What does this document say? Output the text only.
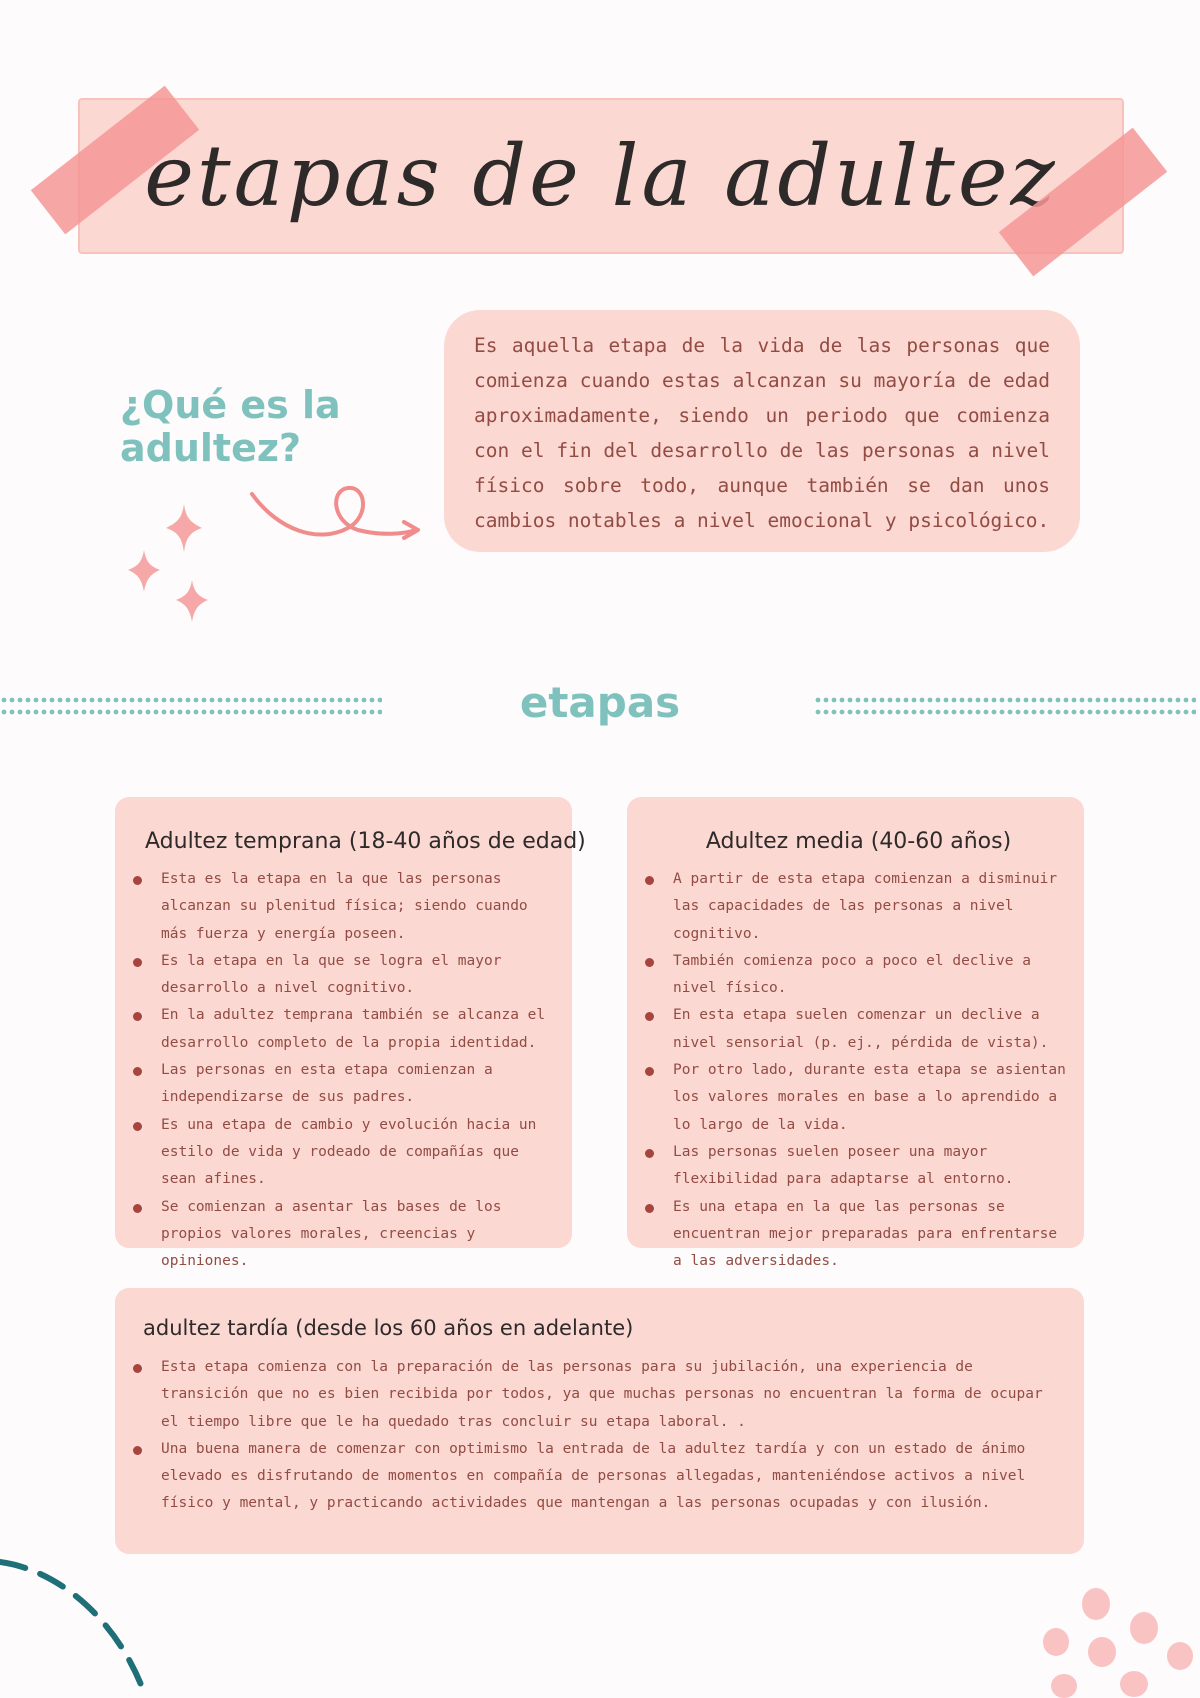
etapas de la adultez
¿Qué es la adultez?

Es aquella etapa de la vida de las personas que comienza cuando estas alcanzan su mayoría de edad aproximadamente, siendo un periodo que comienza con el fin del desarrollo de las personas a nivel físico sobre todo, aunque también se dan unos cambios notables a nivel emocional y psicológico.

etapas
Adultez temprana (18-40 años de edad)
Esta es la etapa en la que las personas alcanzan su plenitud física; siendo cuando más fuerza y energía poseen.
Es la etapa en la que se logra el mayor desarrollo a nivel cognitivo.
En la adultez temprana también se alcanza el desarrollo completo de la propia identidad.
Las personas en esta etapa comienzan a independizarse de sus padres.
Es una etapa de cambio y evolución hacia un estilo de vida y rodeado de compañías que sean afines.
Se comienzan a asentar las bases de los propios valores morales, creencias y opiniones.
Adultez media (40-60 años)
A partir de esta etapa comienzan a disminuir las capacidades de las personas a nivel cognitivo.
También comienza poco a poco el declive a nivel físico.
En esta etapa suelen comenzar un declive a nivel sensorial (p. ej., pérdida de vista).
Por otro lado, durante esta etapa se asientan los valores morales en base a lo aprendido a lo largo de la vida.
Las personas suelen poseer una mayor flexibilidad para adaptarse al entorno.
Es una etapa en la que las personas se encuentran mejor preparadas para enfrentarse a las adversidades.
adultez tardía (desde los 60 años en adelante)
Esta etapa comienza con la preparación de las personas para su jubilación, una experiencia de transición que no es bien recibida por todos, ya que muchas personas no encuentran la forma de ocupar el tiempo libre que le ha quedado tras concluir su etapa laboral. .
Una buena manera de comenzar con optimismo la entrada de la adultez tardía y con un estado de ánimo elevado es disfrutando de momentos en compañía de personas allegadas, manteniéndose activos a nivel físico y mental, y practicando actividades que mantengan a las personas ocupadas y con ilusión.
